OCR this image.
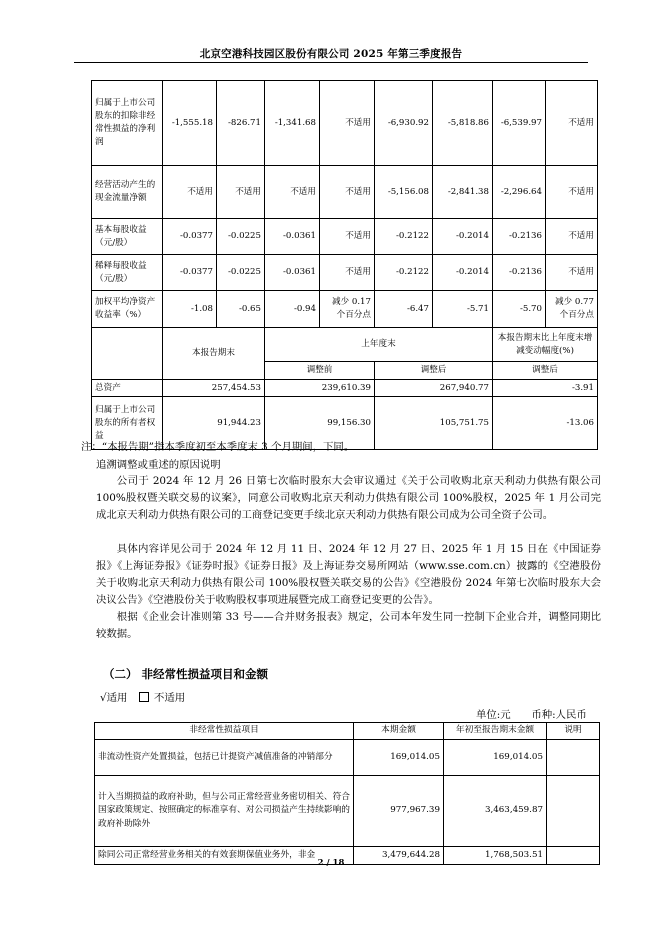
北京空港科技园区股份有限公司 2025 年第三季度报告
归属于上市公司股东的扣除非经常性损益的净利润	-1,555.18	-826.71	-1,341.68	不适用	-6,930.92	-5,818.86	-6,539.97	不适用
经营活动产生的现金流量净额	不适用	不适用	不适用	不适用	-5,156.08	-2,841.38	-2,296.64	不适用
基本每股收益（元/股）	-0.0377	-0.0225	-0.0361	不适用	-0.2122	-0.2014	-0.2136	不适用
稀释每股收益（元/股）	-0.0377	-0.0225	-0.0361	不适用	-0.2122	-0.2014	-0.2136	不适用
加权平均净资产收益率（%）	-1.08	-0.65	-0.94	减少 0.17 个百分点	-6.47	-5.71	-5.70	减少 0.77 个百分点
	本报告期末		上年度末				本报告期末比上年度末增减变动幅度(%)	
			调整前		调整后		调整后	
总资产	257,454.53		239,610.39		267,940.77		-3.91	
归属于上市公司股东的所有者权益	91,944.23		99,156.30		105,751.75		-13.06	
注：“本报告期”指本季度初至本季度末 3 个月期间，下同。
追溯调整或重述的原因说明
公司于 2024 年 12 月 26 日第七次临时股东大会审议通过《关于公司收购北京天利动力供热有限公司 100%股权暨关联交易的议案》，同意公司收购北京天利动力供热有限公司 100%股权，2025 年 1 月公司完成北京天利动力供热有限公司的工商登记变更手续北京天利动力供热有限公司成为公司全资子公司。
具体内容详见公司于 2024 年 12 月 11 日、2024 年 12 月 27 日、2025 年 1 月 15 日在《中国证券报》《上海证券报》《证券时报》《证券日报》及上海证券交易所网站（www.sse.com.cn）披露的《空港股份关于收购北京天利动力供热有限公司 100%股权暨关联交易的公告》《空港股份 2024 年第七次临时股东大会决议公告》《空港股份关于收购股权事项进展暨完成工商登记变更的公告》。
根据《企业会计准则第 33 号——合并财务报表》规定，公司本年发生同一控制下企业合并，调整同期比较数据。
（二） 非经常性损益项目和金额
√适用	不适用
单位:元 币种:人民币
非经常性损益项目	本期金额	年初至报告期末金额	说明
非流动性资产处置损益，包括已计提资产减值准备的冲销部分	169,014.05	169,014.05	
计入当期损益的政府补助，但与公司正常经营业务密切相关、符合国家政策规定、按照确定的标准享有、对公司损益产生持续影响的政府补助除外	977,967.39	3,463,459.87	
除同公司正常经营业务相关的有效套期保值业务外，非金	3,479,644.28	1,768,503.51	
2 / 18
